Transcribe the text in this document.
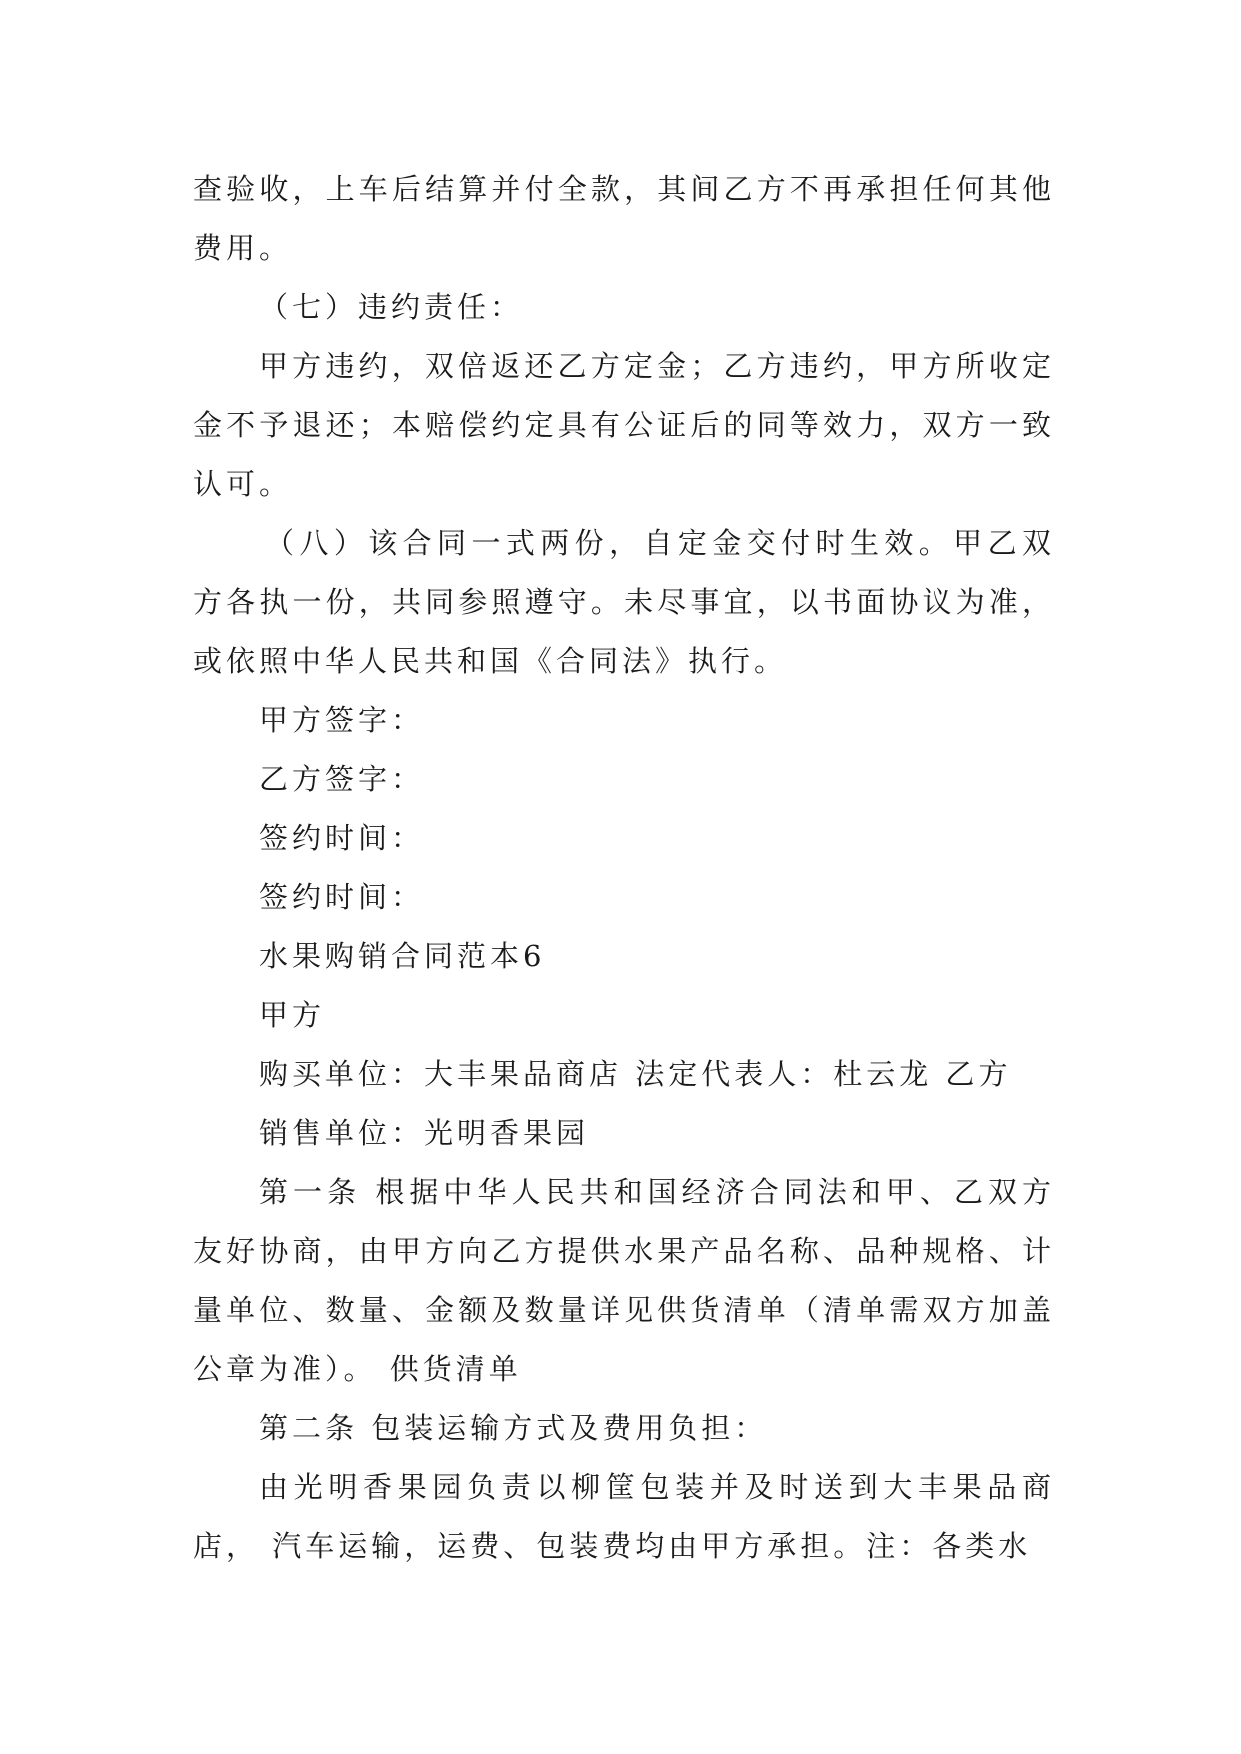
查验收，上车后结算并付全款，其间乙方不再承担任何其他费用。

（七）违约责任：

甲方违约，双倍返还乙方定金；乙方违约，甲方所收定金不予退还；本赔偿约定具有公证后的同等效力，双方一致认可。

（八）该合同一式两份，自定金交付时生效。甲乙双方各执一份，共同参照遵守。未尽事宜，以书面协议为准，或依照中华人民共和国《合同法》执行。

甲方签字：

乙方签字：

签约时间：

签约时间：

水果购销合同范本6

甲方

购买单位：大丰果品商店 法定代表人：杜云龙 乙方

销售单位：光明香果园

第一条 根据中华人民共和国经济合同法和甲、乙双方友好协商，由甲方向乙方提供水果产品名称、品种规格、计量单位、数量、金额及数量详见供货清单（清单需双方加盖公章为准）。 供货清单

第二条 包装运输方式及费用负担：

由光明香果园负责以柳筐包装并及时送到大丰果品商店， 汽车运输，运费、包装费均由甲方承担。注：各类水
